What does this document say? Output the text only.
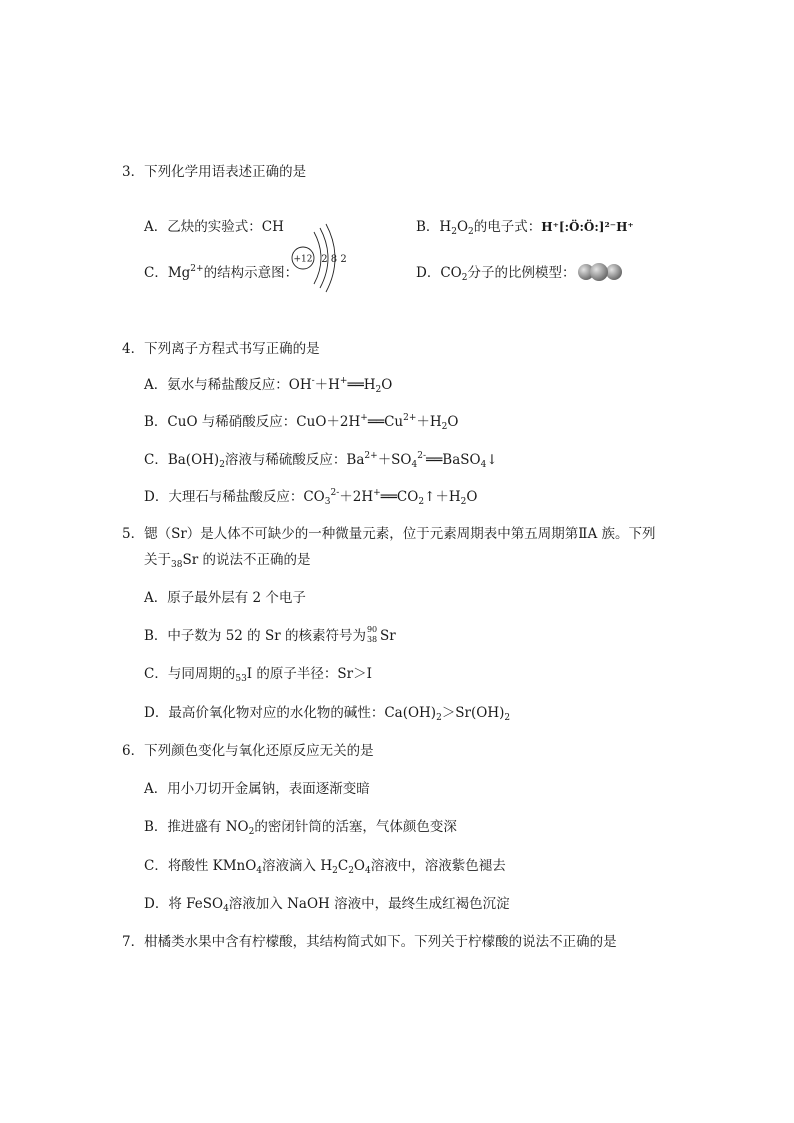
3．下列化学用语表述正确的是
A．乙炔的实验式：CH	B．$H_2O_2$的电子式：H⁺[:Ö:Ö:]²⁻H⁺
C．$Mg^{2+}$的结构示意图：
+12 2 8 2
D．$CO_2$分子的比例模型：
4．下列离子方程式书写正确的是
A．氨水与稀盐酸反应：$OH^-+H^+══H_2O$
B．CuO 与稀硝酸反应：$CuO+2H^+══Cu^{2+}+H_2O$
C．$Ba(OH)_2$溶液与稀硫酸反应：$Ba^{2+}+SO_4^{2-}══BaSO_4↓$
D．大理石与稀盐酸反应：$CO_3^{2-}+2H^+══CO_2↑+H_2O$
5．锶（Sr）是人体不可缺少的一种微量元素，位于元素周期表中第五周期第ⅡA 族。下列
关于$_{38}$Sr 的说法不正确的是
A．原子最外层有 2 个电子
B．中子数为 52 的 Sr 的核素符号为 90
38 Sr
C．与同周期的$_{53}$I 的原子半径：Sr＞I
D．最高价氧化物对应的水化物的碱性：$Ca(OH)_2>Sr(OH)_2$
6．下列颜色变化与氧化还原反应无关的是
A．用小刀切开金属钠，表面逐渐变暗
B．推进盛有 $NO_2$的密闭针筒的活塞，气体颜色变深
C．将酸性 KMnO$_4$溶液滴入 $H_2C_2O_4$溶液中，溶液紫色褪去
D．将 FeSO$_4$溶液加入 NaOH 溶液中，最终生成红褐色沉淀
7．柑橘类水果中含有柠檬酸，其结构简式如下。下列关于柠檬酸的说法不正确的是
